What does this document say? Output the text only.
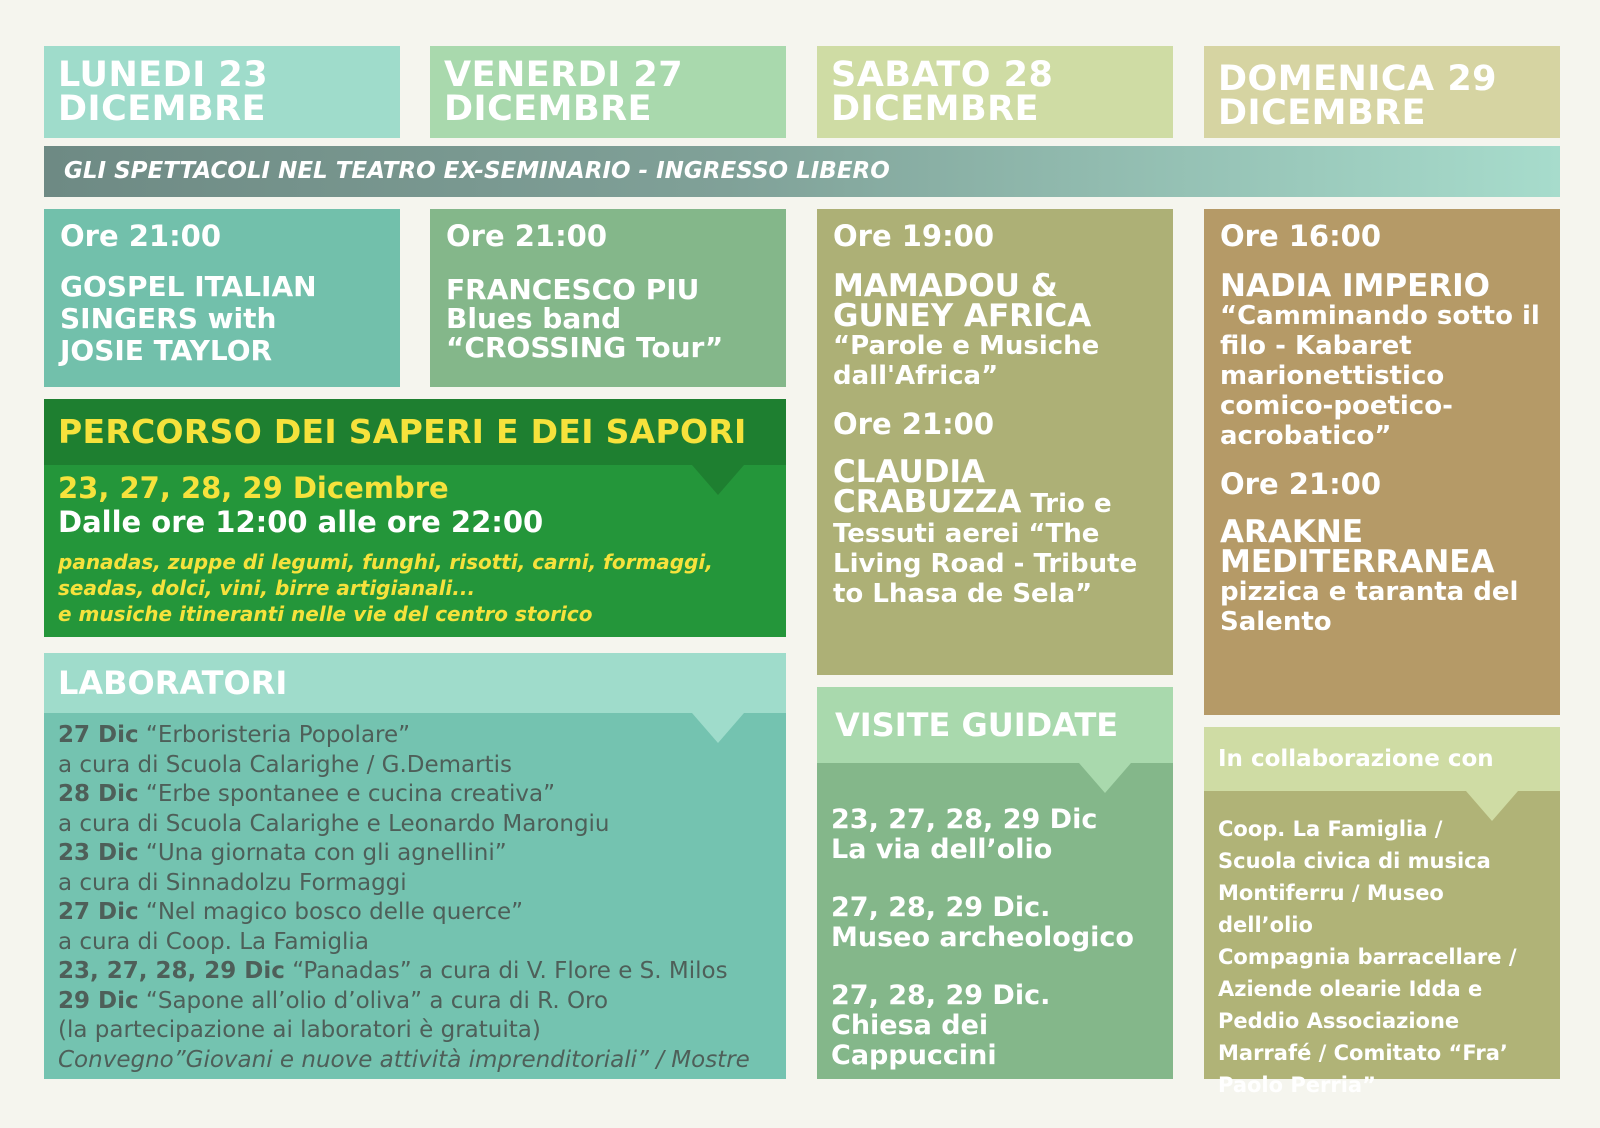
LUNEDI 23
DICEMBRE
VENERDI 27
DICEMBRE
SABATO 28
DICEMBRE
DOMENICA 29
DICEMBRE
GLI SPETTACOLI NEL TEATRO EX-SEMINARIO - INGRESSO LIBERO
Ore 21:00
GOSPEL ITALIAN
SINGERS with
JOSIE TAYLOR
Ore 21:00
FRANCESCO PIU
Blues band
“CROSSING Tour”
Ore 19:00
MAMADOU &
GUNEY AFRICA
“Parole e Musiche
dall'Africa”
Ore 21:00
CLAUDIA
CRABUZZA Trio e
Tessuti aerei “The
Living Road - Tribute
to Lhasa de Sela”
Ore 16:00
NADIA IMPERIO
“Camminando sotto il
filo - Kabaret
marionettistico
comico-poetico-
acrobatico”
Ore 21:00
ARAKNE
MEDITERRANEA
pizzica e taranta del
Salento
PERCORSO DEI SAPERI E DEI SAPORI
23, 27, 28, 29 Dicembre
Dalle ore 12:00 alle ore 22:00
panadas, zuppe di legumi, funghi, risotti, carni, formaggi,
seadas, dolci, vini, birre artigianali...
e musiche itineranti nelle vie del centro storico
LABORATORI
27 Dic “Erboristeria Popolare”
a cura di Scuola Calarighe / G.Demartis
28 Dic “Erbe spontanee e cucina creativa”
a cura di Scuola Calarighe e Leonardo Marongiu
23 Dic “Una giornata con gli agnellini”
a cura di Sinnadolzu Formaggi
27 Dic “Nel magico bosco delle querce”
a cura di Coop. La Famiglia
23, 27, 28, 29 Dic “Panadas” a cura di V. Flore e S. Milos
29 Dic “Sapone all’olio d’oliva” a cura di R. Oro
(la partecipazione ai laboratori è gratuita)
Convegno”Giovani e nuove attività imprenditoriali” / Mostre
VISITE GUIDATE
23, 27, 28, 29 Dic
La via dell’olio
27, 28, 29 Dic.
Museo archeologico
27, 28, 29 Dic.
Chiesa dei Cappuccini
In collaborazione con
Coop. La Famiglia /
Scuola civica di musica
Montiferru / Museo dell’olio
Compagnia barracellare /
Aziende olearie Idda e
Peddio Associazione
Marrafé / Comitato “Fra’
Paolo Perria”
